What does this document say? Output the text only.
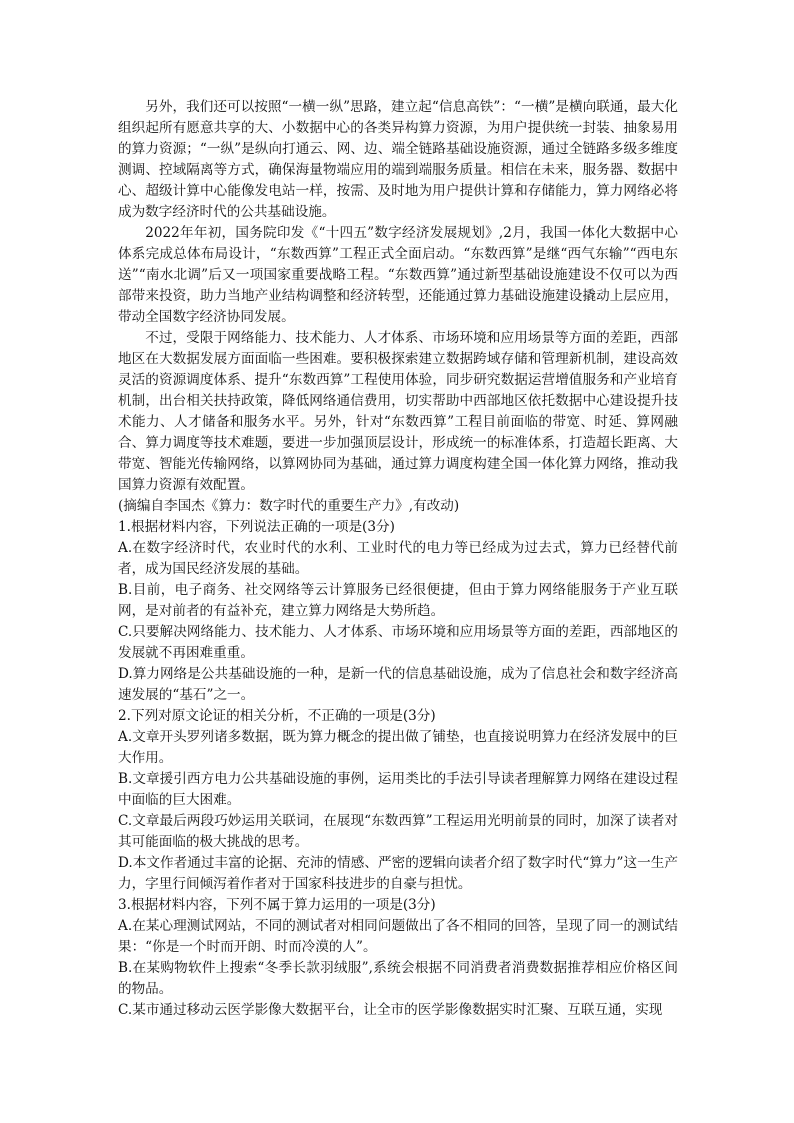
另外，我们还可以按照“一横一纵”思路，建立起“信息高铁”：“一横”是横向联通，最大化组织起所有愿意共享的大、小数据中心的各类异构算力资源，为用户提供统一封装、抽象易用的算力资源；“一纵”是纵向打通云、网、边、端全链路基础设施资源，通过全链路多级多维度测调、控域隔离等方式，确保海量物端应用的端到端服务质量。相信在未来，服务器、数据中心、超级计算中心能像发电站一样，按需、及时地为用户提供计算和存储能力，算力网络必将成为数字经济时代的公共基础设施。

2022年年初，国务院印发《“十四五”数字经济发展规划》,2月，我国一体化大数据中心体系完成总体布局设计，“东数西算”工程正式全面启动。“东数西算”是继“西气东输”“西电东送”“南水北调”后又一项国家重要战略工程。“东数西算”通过新型基础设施建设不仅可以为西部带来投资，助力当地产业结构调整和经济转型，还能通过算力基础设施建设撬动上层应用，带动全国数字经济协同发展。

不过，受限于网络能力、技术能力、人才体系、市场环境和应用场景等方面的差距，西部地区在大数据发展方面面临一些困难。要积极探索建立数据跨域存储和管理新机制，建设高效灵活的资源调度体系、提升“东数西算”工程使用体验，同步研究数据运营增值服务和产业培育机制，出台相关扶持政策，降低网络通信费用，切实帮助中西部地区依托数据中心建设提升技术能力、人才储备和服务水平。另外，针对“东数西算”工程目前面临的带宽、时延、算网融合、算力调度等技术难题，要进一步加强顶层设计，形成统一的标准体系，打造超长距离、大带宽、智能光传输网络，以算网协同为基础，通过算力调度构建全国一体化算力网络，推动我国算力资源有效配置。

(摘编自李国杰《算力：数字时代的重要生产力》,有改动)

1.根据材料内容，下列说法正确的一项是(3分)

A.在数字经济时代，农业时代的水利、工业时代的电力等已经成为过去式，算力已经替代前者，成为国民经济发展的基础。

B.目前，电子商务、社交网络等云计算服务已经很便捷，但由于算力网络能服务于产业互联网，是对前者的有益补充，建立算力网络是大势所趋。

C.只要解决网络能力、技术能力、人才体系、市场环境和应用场景等方面的差距，西部地区的发展就不再困难重重。

D.算力网络是公共基础设施的一种，是新一代的信息基础设施，成为了信息社会和数字经济高速发展的“基石”之一。

2.下列对原文论证的相关分析，不正确的一项是(3分)

A.文章开头罗列诸多数据，既为算力概念的提出做了铺垫，也直接说明算力在经济发展中的巨大作用。

B.文章援引西方电力公共基础设施的事例，运用类比的手法引导读者理解算力网络在建设过程中面临的巨大困难。

C.文章最后两段巧妙运用关联词，在展现“东数西算”工程运用光明前景的同时，加深了读者对其可能面临的极大挑战的思考。

D.本文作者通过丰富的论据、充沛的情感、严密的逻辑向读者介绍了数字时代“算力”这一生产力，字里行间倾泻着作者对于国家科技进步的自豪与担忧。

3.根据材料内容，下列不属于算力运用的一项是(3分)

A.在某心理测试网站，不同的测试者对相同问题做出了各不相同的回答，呈现了同一的测试结果：“你是一个时而开朗、时而冷漠的人”。

B.在某购物软件上搜索“冬季长款羽绒服”,系统会根据不同消费者消费数据推荐相应价格区间的物品。

C.某市通过移动云医学影像大数据平台，让全市的医学影像数据实时汇聚、互联互通，实现
